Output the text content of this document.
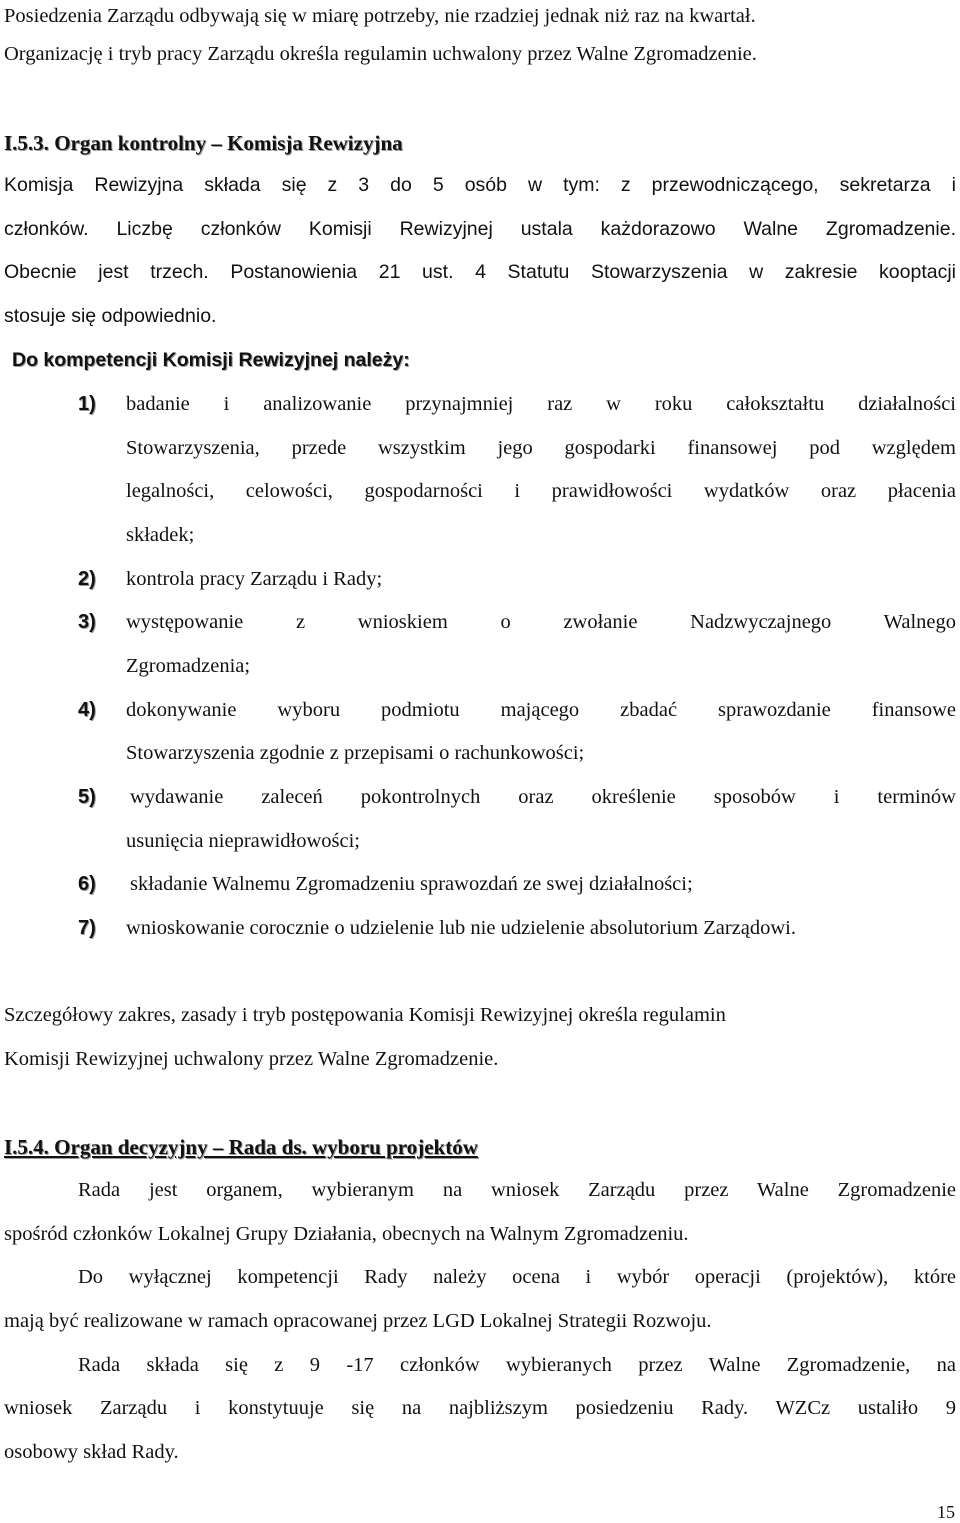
Posiedzenia Zarządu odbywają się w miarę potrzeby, nie rzadziej jednak niż raz na kwartał.
Organizację i tryb pracy Zarządu określa regulamin uchwalony przez Walne Zgromadzenie.
I.5.3. Organ kontrolny – Komisja Rewizyjna
Komisja Rewizyjna składa się z 3 do 5 osób w tym: z przewodniczącego, sekretarza i
członków. Liczbę członków Komisji Rewizyjnej ustala każdorazowo Walne Zgromadzenie.
Obecnie jest trzech. Postanowienia 21 ust. 4 Statutu Stowarzyszenia w zakresie kooptacji
stosuje się odpowiednio.
Do kompetencji Komisji Rewizyjnej należy:
1) badanie i analizowanie przynajmniej raz w roku całokształtu działalności
Stowarzyszenia, przede wszystkim jego gospodarki finansowej pod względem
legalności, celowości, gospodarności i prawidłowości wydatków oraz płacenia
składek;
2) kontrola pracy Zarządu i Rady;
3) występowanie z wnioskiem o zwołanie Nadzwyczajnego Walnego
Zgromadzenia;
4) dokonywanie wyboru podmiotu mającego zbadać sprawozdanie finansowe
Stowarzyszenia zgodnie z przepisami o rachunkowości;
5) wydawanie zaleceń pokontrolnych oraz określenie sposobów i terminów
usunięcia nieprawidłowości;
6) składanie Walnemu Zgromadzeniu sprawozdań ze swej działalności;
7) wnioskowanie corocznie o udzielenie lub nie udzielenie absolutorium Zarządowi.
Szczegółowy zakres, zasady i tryb postępowania Komisji Rewizyjnej określa regulamin
Komisji Rewizyjnej uchwalony przez Walne Zgromadzenie.
I.5.4. Organ decyzyjny – Rada ds. wyboru projektów
Rada jest organem, wybieranym na wniosek Zarządu przez Walne Zgromadzenie
spośród członków Lokalnej Grupy Działania, obecnych na Walnym Zgromadzeniu.
Do wyłącznej kompetencji Rady należy ocena i wybór operacji (projektów), które
mają być realizowane w ramach opracowanej przez LGD Lokalnej Strategii Rozwoju.
Rada składa się z 9 -17 członków wybieranych przez Walne Zgromadzenie, na
wniosek Zarządu i konstytuuje się na najbliższym posiedzeniu Rady. WZCz ustaliło 9
osobowy skład Rady.
15
